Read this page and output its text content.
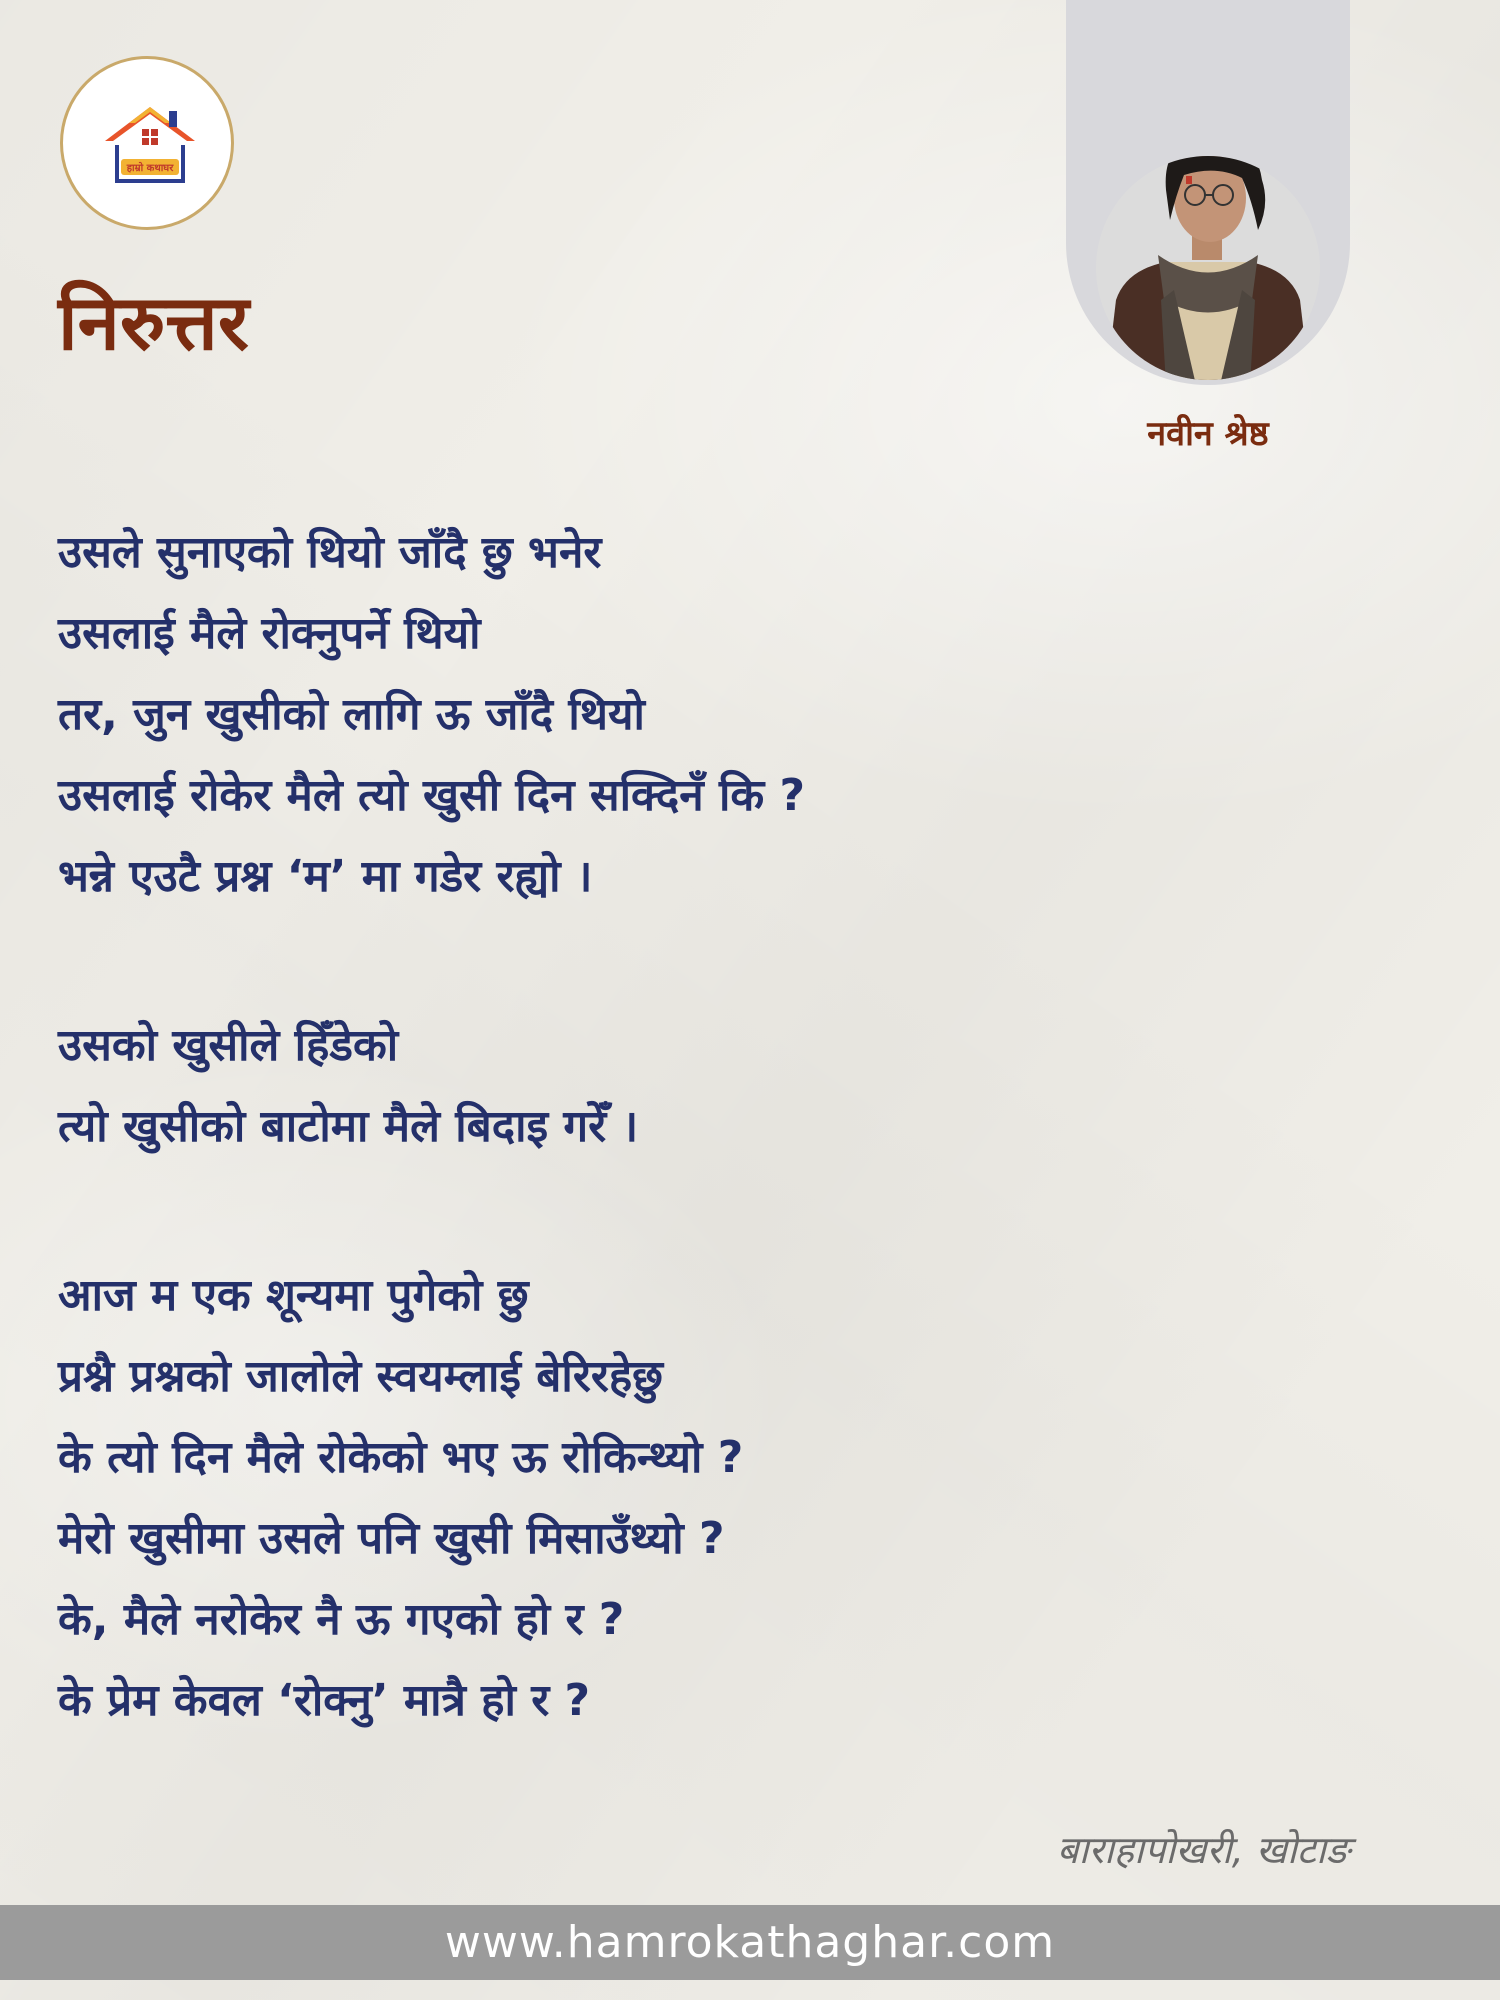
हाम्रो कथाघर
निरुत्तर
नवीन श्रेष्ठ
उसले सुनाएको थियो जाँदै छु भनेर
उसलाई मैले रोक्नुपर्ने थियो
तर, जुन खुसीको लागि ऊ जाँदै थियो
उसलाई रोकेर मैले त्यो खुसी दिन सक्दिनँ कि ?
भन्ने एउटै प्रश्न ‘म’ मा गडेर रह्यो ।
उसको खुसीले हिँडेको
त्यो खुसीको बाटोमा मैले बिदाइ गरेँ ।
आज म एक शून्यमा पुगेको छु
प्रश्नै प्रश्नको जालोले स्वयम्लाई बेरिरहेछु
के त्यो दिन मैले रोकेको भए ऊ रोकिन्थ्यो ?
मेरो खुसीमा उसले पनि खुसी मिसाउँथ्यो ?
के, मैले नरोकेर नै ऊ गएको हो र ?
के प्रेम केवल ‘रोक्नु’ मात्रै हो र ?
बाराहापोखरी, खोटाङ
www.hamrokathaghar.com
